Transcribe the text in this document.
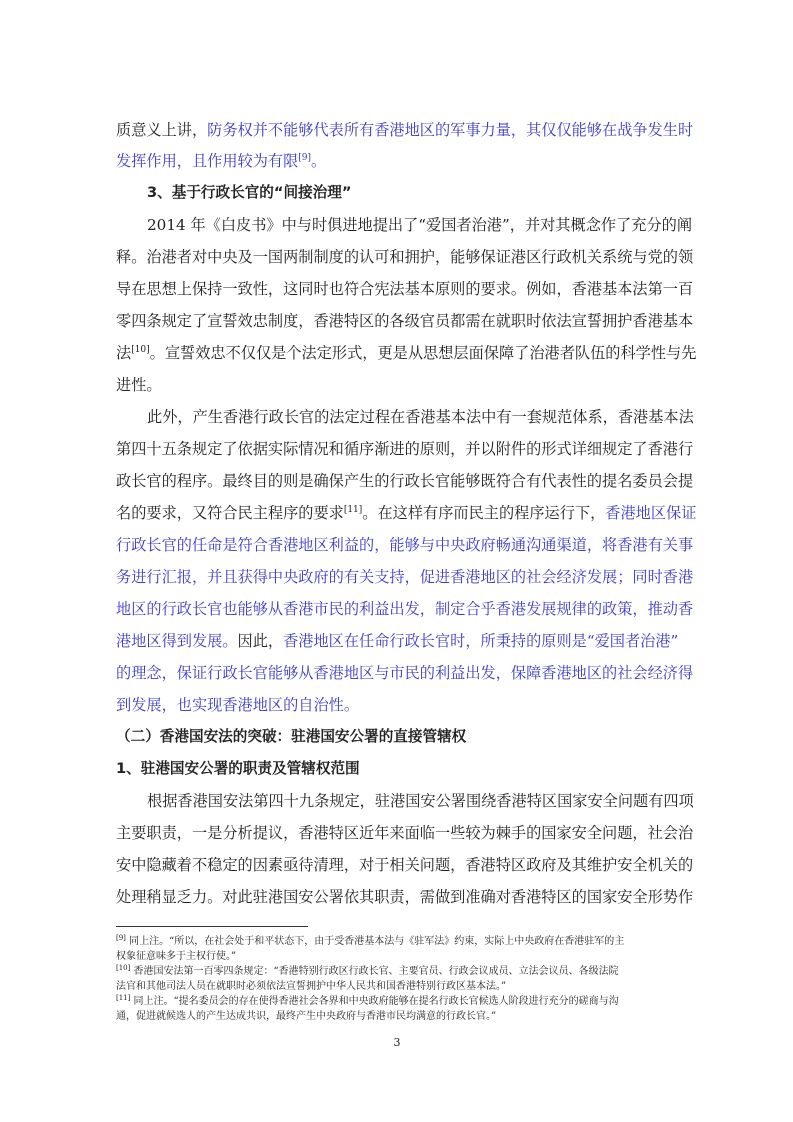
质意义上讲，防务权并不能够代表所有香港地区的军事力量，其仅仅能够在战争发生时
发挥作用，且作用较为有限[9]。
3、基于行政长官的“间接治理”
2014 年《白皮书》中与时俱进地提出了“爱国者治港”，并对其概念作了充分的阐
释。治港者对中央及一国两制制度的认可和拥护，能够保证港区行政机关系统与党的领
导在思想上保持一致性，这同时也符合宪法基本原则的要求。例如，香港基本法第一百
零四条规定了宣誓效忠制度，香港特区的各级官员都需在就职时依法宣誓拥护香港基本
法[10]。宣誓效忠不仅仅是个法定形式，更是从思想层面保障了治港者队伍的科学性与先
进性。
此外，产生香港行政长官的法定过程在香港基本法中有一套规范体系，香港基本法
第四十五条规定了依据实际情况和循序渐进的原则，并以附件的形式详细规定了香港行
政长官的程序。最终目的则是确保产生的行政长官能够既符合有代表性的提名委员会提
名的要求，又符合民主程序的要求[11]。在这样有序而民主的程序运行下，香港地区保证
行政长官的任命是符合香港地区利益的，能够与中央政府畅通沟通渠道，将香港有关事
务进行汇报，并且获得中央政府的有关支持，促进香港地区的社会经济发展；同时香港
地区的行政长官也能够从香港市民的利益出发，制定合乎香港发展规律的政策，推动香
港地区得到发展。因此，香港地区在任命行政长官时，所秉持的原则是“爱国者治港”
的理念，保证行政长官能够从香港地区与市民的利益出发，保障香港地区的社会经济得
到发展，也实现香港地区的自治性。
（二）香港国安法的突破：驻港国安公署的直接管辖权
1、驻港国安公署的职责及管辖权范围
根据香港国安法第四十九条规定，驻港国安公署围绕香港特区国家安全问题有四项
主要职责，一是分析提议，香港特区近年来面临一些较为棘手的国家安全问题，社会治
安中隐藏着不稳定的因素亟待清理，对于相关问题，香港特区政府及其维护安全机关的
处理稍显乏力。对此驻港国安公署依其职责，需做到准确对香港特区的国家安全形势作
[9] 同上注。“所以，在社会处于和平状态下，由于受香港基本法与《驻军法》约束，实际上中央政府在香港驻军的主
权象征意味多于主权行使。”
[10] 香港国安法第一百零四条规定：“香港特别行政区行政长官、主要官员、行政会议成员、立法会议员、各级法院
法官和其他司法人员在就职时必须依法宣誓拥护中华人民共和国香港特别行政区基本法。”
[11] 同上注。“提名委员会的存在使得香港社会各界和中央政府能够在提名行政长官候选人阶段进行充分的磋商与沟
通，促进就候选人的产生达成共识，最终产生中央政府与香港市民均满意的行政长官。”
3
